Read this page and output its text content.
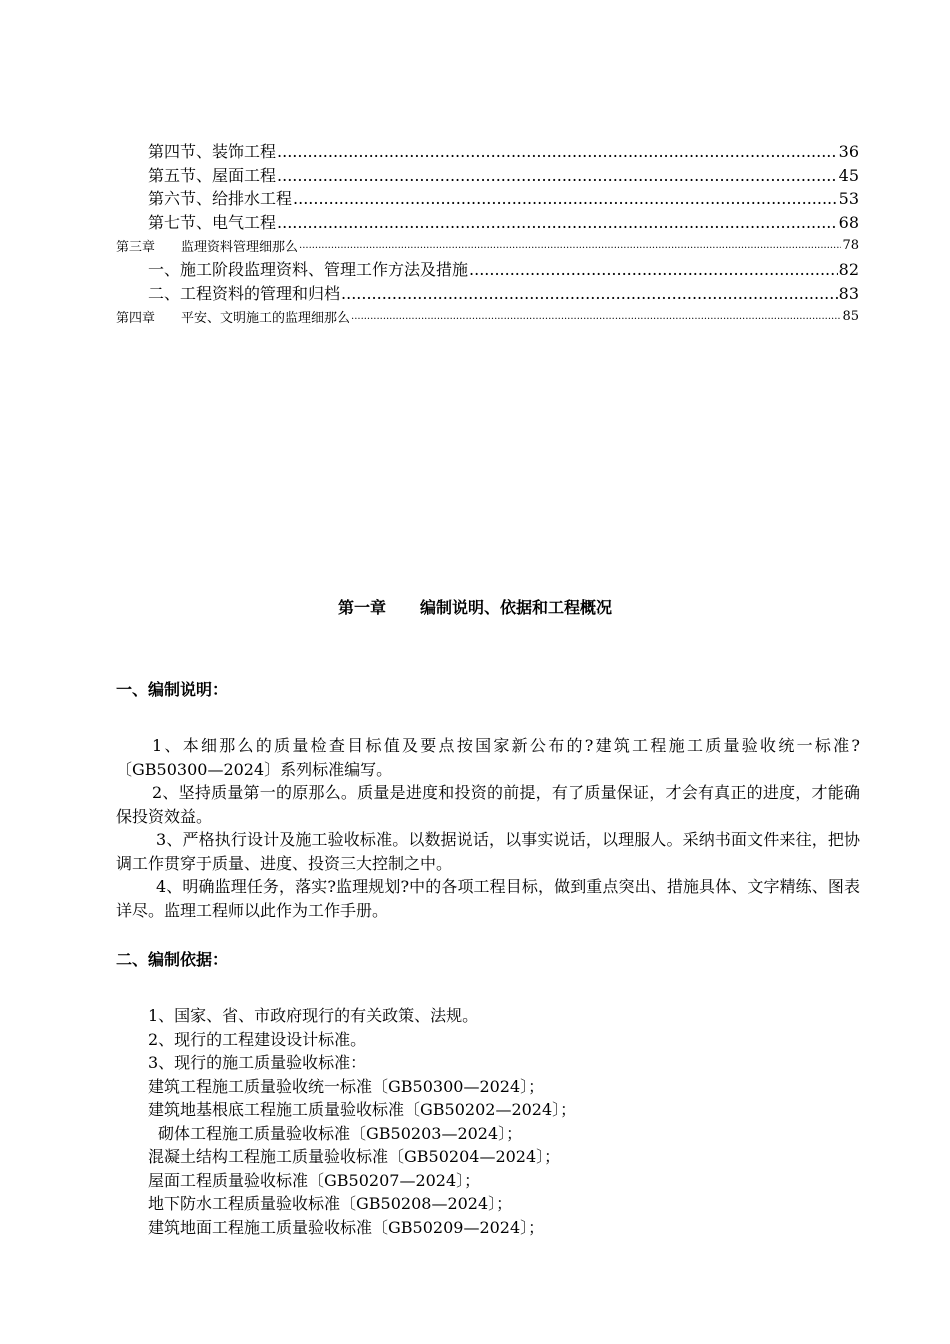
第四节、装饰工程 .....	36
第五节、屋面工程 .....	45
第六节、给排水工程 .....	53
第七节、电气工程 .....	68
第三章 监理资料管理细那么 .....	78
一、施工阶段监理资料、管理工作方法及措施 .....	82
二、工程资料的管理和归档 .....	83
第四章 平安、文明施工的监理细那么 .....	85
第一章 编制说明、依据和工程概况
一、编制说明：

1、本细那么的质量检查目标值及要点按国家新公布的?建筑工程施工质量验收统一标准?〔GB50300—2024〕系列标准编写。

2、坚持质量第一的原那么。质量是进度和投资的前提，有了质量保证，才会有真正的进度，才能确保投资效益。

3、严格执行设计及施工验收标准。以数据说话，以事实说话，以理服人。采纳书面文件来往，把协调工作贯穿于质量、进度、投资三大控制之中。

4、明确监理任务，落实?监理规划?中的各项工程目标，做到重点突出、措施具体、文字精练、图表详尽。监理工程师以此作为工作手册。

二、编制依据：
1、国家、省、市政府现行的有关政策、法规。
2、现行的工程建设设计标准。
3、现行的施工质量验收标准：
建筑工程施工质量验收统一标准〔GB50300—2024〕；
建筑地基根底工程施工质量验收标准〔GB50202—2024〕；
砌体工程施工质量验收标准〔GB50203—2024〕；
混凝土结构工程施工质量验收标准〔GB50204—2024〕；
屋面工程质量验收标准〔GB50207—2024〕；
地下防水工程质量验收标准〔GB50208—2024〕；
建筑地面工程施工质量验收标准〔GB50209—2024〕；
